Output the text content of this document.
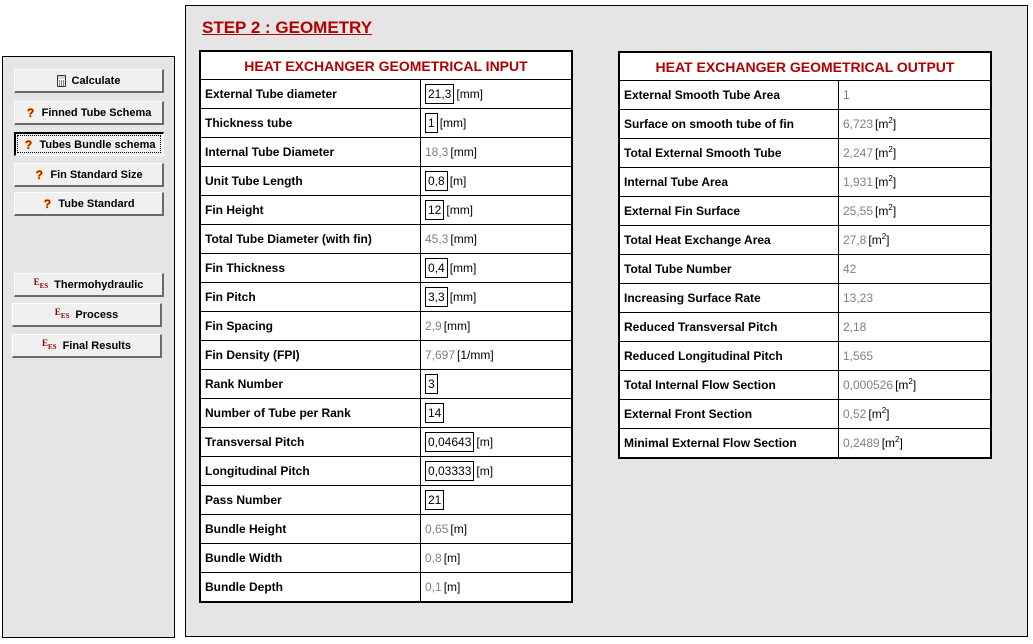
Calculate
? Finned Tube Schema
? Tubes Bundle schema
? Fin Standard Size
? Tube Standard
$E_{ES}$ Thermohydraulic
$E_{ES}$ Process
$E_{ES}$ Final Results
STEP 2 : GEOMETRY
HEAT EXCHANGER GEOMETRICAL INPUT	
External Tube diameter	21,3 [mm]
Thickness tube	1 [mm]
Internal Tube Diameter	18,3 [mm]
Unit Tube Length	0,8 [m]
Fin Height	12 [mm]
Total Tube Diameter (with fin)	45,3 [mm]
Fin Thickness	0,4 [mm]
Fin Pitch	3,3 [mm]
Fin Spacing	2,9 [mm]
Fin Density (FPI)	7,697 [1/mm]
Rank Number	3
Number of Tube per Rank	14
Transversal Pitch	0,04643 [m]
Longitudinal Pitch	0,03333 [m]
Pass Number	21
Bundle Height	0,65 [m]
Bundle Width	0,8 [m]
Bundle Depth	0,1 [m]
HEAT EXCHANGER GEOMETRICAL OUTPUT	
External Smooth Tube Area	1
Surface on smooth tube of fin	6,723 $[m^2]$
Total External Smooth Tube	2,247 $[m^2]$
Internal Tube Area	1,931 $[m^2]$
External Fin Surface	25,55 $[m^2]$
Total Heat Exchange Area	27,8 $[m^2]$
Total Tube Number	42
Increasing Surface Rate	13,23
Reduced Transversal Pitch	2,18
Reduced Longitudinal Pitch	1,565
Total Internal Flow Section	0,000526 $[m^2]$
External Front Section	0,52 $[m^2]$
Minimal External Flow Section	0,2489 $[m^2]$
